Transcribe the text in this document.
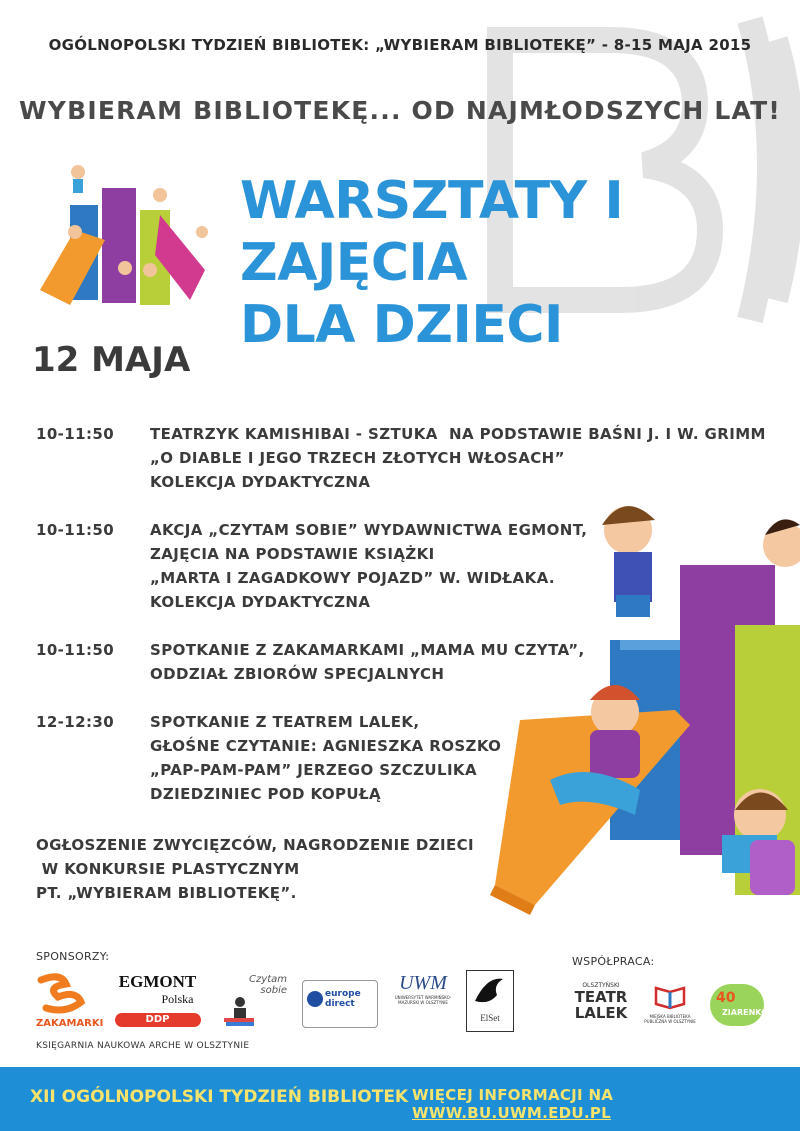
OGÓLNOPOLSKI TYDZIEŃ BIBLIOTEK: „WYBIERAM BIBLIOTEKĘ” - 8-15 MAJA 2015
WYBIERAM BIBLIOTEKĘ... OD NAJMŁODSZYCH LAT!
WARSZTATY I ZAJĘCIA
DLA DZIECI
12 MAJA
10-11:50 TEATRZYK KAMISHIBAI - SZTUKA  NA PODSTAWIE BAŚNI J. I W. GRIMM
„O DIABLE I JEGO TRZECH ZŁOTYCH WŁOSACH”
KOLEKCJA DYDAKTYCZNA
10-11:50 AKCJA „CZYTAM SOBIE” WYDAWNICTWA EGMONT,
ZAJĘCIA NA PODSTAWIE KSIĄŻKI
„MARTA I ZAGADKOWY POJAZD” W. WIDŁAKA.
KOLEKCJA DYDAKTYCZNA
10-11:50 SPOTKANIE Z ZAKAMARKAMI „MAMA MU CZYTA”,
ODDZIAŁ ZBIORÓW SPECJALNYCH
12-12:30 SPOTKANIE Z TEATREM LALEK,
GŁOŚNE CZYTANIE: AGNIESZKA ROSZKO
„PAP-PAM-PAM” JERZEGO SZCZULIKA
DZIEDZINIEC POD KOPUŁĄ
OGŁOSZENIE ZWYCIĘZCÓW, NAGRODZENIE DZIECI
W KONKURSIE PLASTYCZNYM
PT. „WYBIERAM BIBLIOTEKĘ”.
SPONSORZY:
ZAKAMARKI
EGMONT
Polska
DDP
Czytam sobie	europe direct
UWM
UNIWERSYTET WARMIŃSKO-MAZURSKI W OLSZTYNIE
ElSet
KSIĘGARNIA NAUKOWA ARCHE W OLSZTYNIE
WSPÓŁPRACA:
OLSZTYŃSKI
TEATR LALEK	MIEJSKA BIBLIOTEKA PUBLICZNA W OLSZTYNIE
40
ZIARENKO
XII OGÓLNOPOLSKI TYDZIEŃ BIBLIOTEK WIĘCEJ INFORMACJI NA WWW.BU.UWM.EDU.PL
